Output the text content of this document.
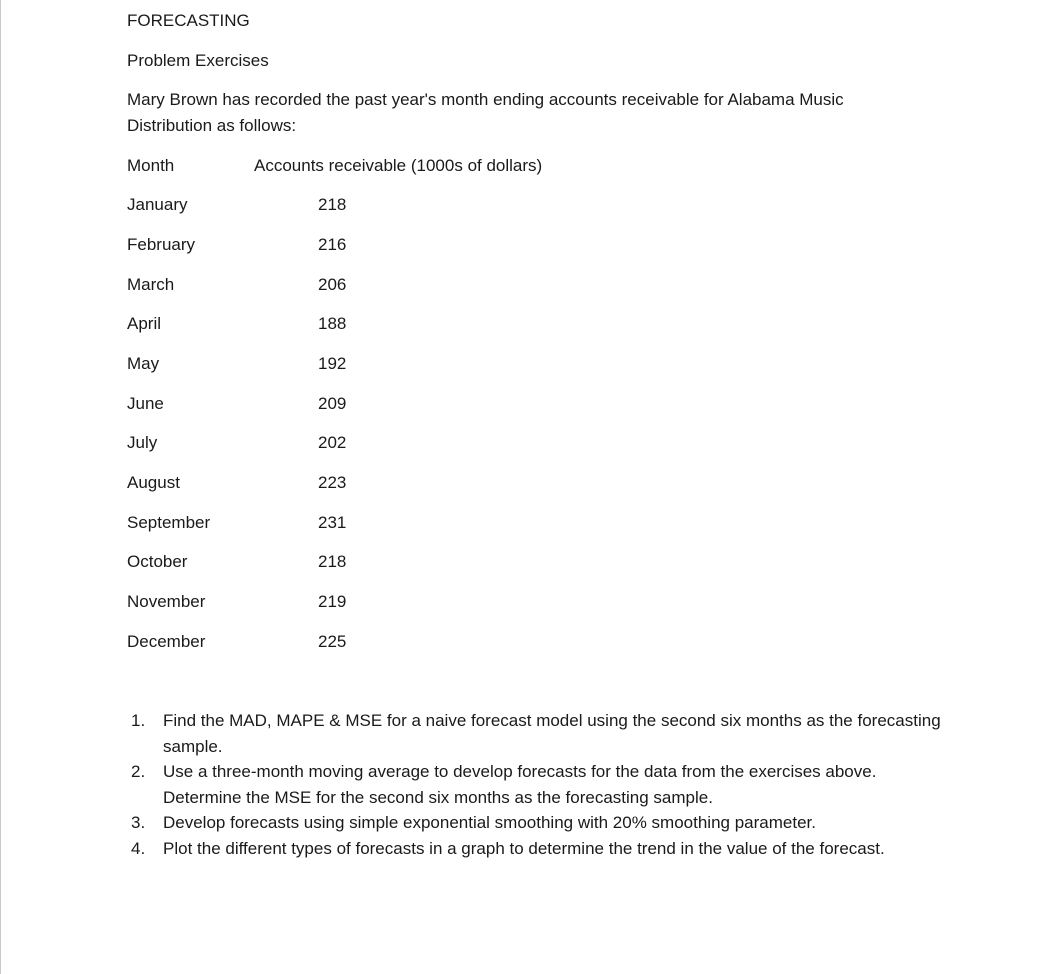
FORECASTING
Problem Exercises
Mary Brown has recorded the past year's month ending accounts receivable for Alabama Music Distribution as follows:
Month	Accounts receivable (1000s of dollars)
January	218
February	216
March	206
April	188
May	192
June	209
July	202
August	223
September	231
October	218
November	219
December	225
1.	Find the MAD, MAPE & MSE for a naive forecast model using the second six months as the forecasting sample.
2.	Use a three-month moving average to develop forecasts for the data from the exercises above. Determine the MSE for the second six months as the forecasting sample.
3.	Develop forecasts using simple exponential smoothing with 20% smoothing parameter.
4.	Plot the different types of forecasts in a graph to determine the trend in the value of the forecast.
